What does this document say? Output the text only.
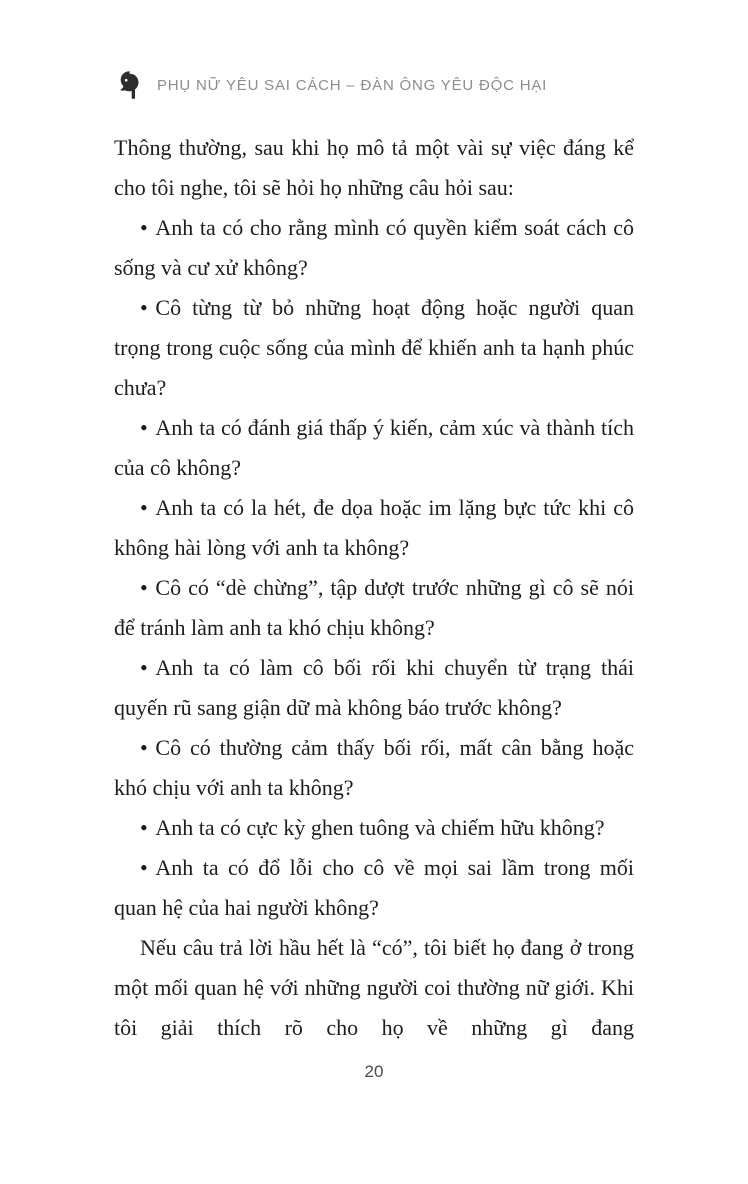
PHỤ NỮ YÊU SAI CÁCH – ĐÀN ÔNG YÊU ĐỘC HẠI

Thông thường, sau khi họ mô tả một vài sự việc đáng kể cho tôi nghe, tôi sẽ hỏi họ những câu hỏi sau:

• Anh ta có cho rằng mình có quyền kiểm soát cách cô sống và cư xử không?

• Cô từng từ bỏ những hoạt động hoặc người quan trọng trong cuộc sống của mình để khiến anh ta hạnh phúc chưa?

• Anh ta có đánh giá thấp ý kiến, cảm xúc và thành tích của cô không?

• Anh ta có la hét, đe dọa hoặc im lặng bực tức khi cô không hài lòng với anh ta không?

• Cô có “dè chừng”, tập dượt trước những gì cô sẽ nói để tránh làm anh ta khó chịu không?

• Anh ta có làm cô bối rối khi chuyển từ trạng thái quyến rũ sang giận dữ mà không báo trước không?

• Cô có thường cảm thấy bối rối, mất cân bằng hoặc khó chịu với anh ta không?

• Anh ta có cực kỳ ghen tuông và chiếm hữu không?

• Anh ta có đổ lỗi cho cô về mọi sai lầm trong mối quan hệ của hai người không?

Nếu câu trả lời hầu hết là “có”, tôi biết họ đang ở trong một mối quan hệ với những người coi thường nữ giới. Khi tôi giải thích rõ cho họ về những gì đang

20
